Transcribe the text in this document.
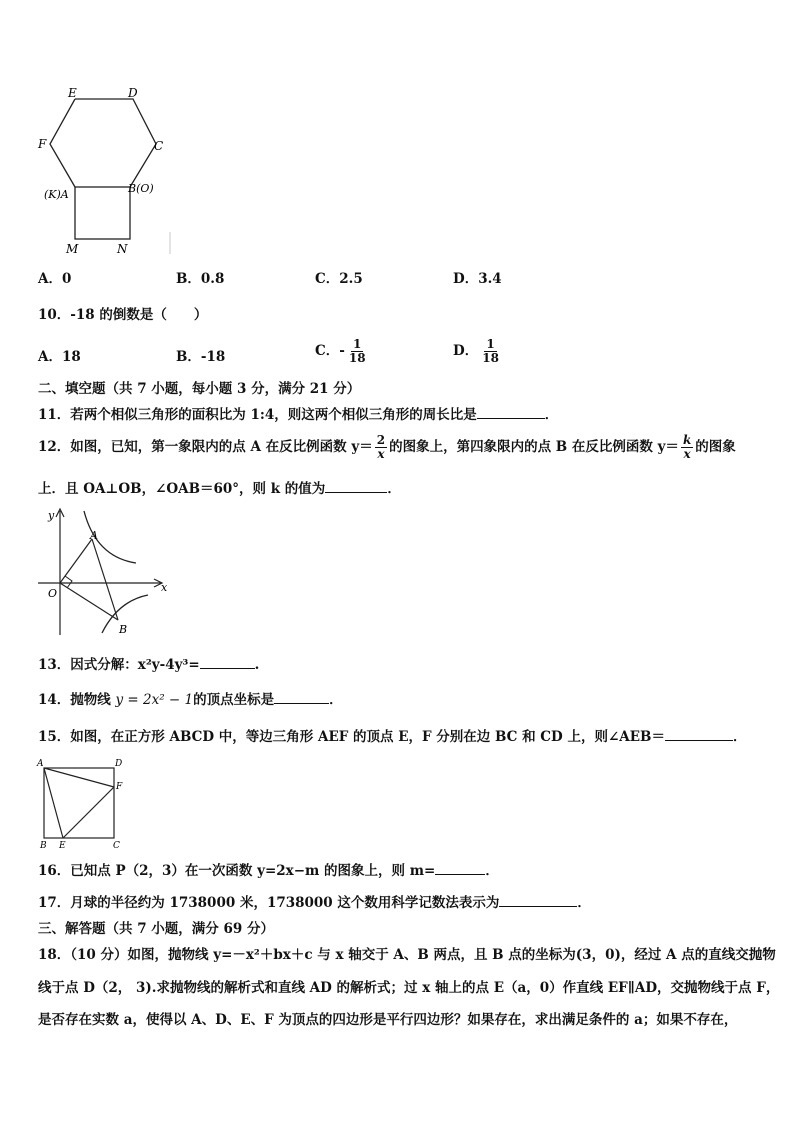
E	D
F	C
(K)A	B(O)
M	N
A．0	B．0.8	C．2.5	D．3.4
10．-18 的倒数是（　　）
A．18	B．-18	C．- $\frac{1}{18}$	D． $\frac{1}{18}$
二、填空题（共 7 小题，每小题 3 分，满分 21 分）
11．若两个相似三角形的面积比为 1:4，则这两个相似三角形的周长比是	．
12．如图，已知，第一象限内的点 A 在反比例函数 $y= \frac{2}{x}$ 的图象上，第四象限内的点 B 在反比例函数 $y= \frac{k}{x}$ 的图象
上．且 OA⊥OB，∠OAB＝60°，则 k 的值为	．
y
x
O
A
B
13．因式分解：x²y-4y³=	.
14．抛物线 y = 2x² − 1的顶点坐标是	．
15．如图，在正方形 ABCD 中，等边三角形 AEF 的顶点 E，F 分别在边 BC 和 CD 上，则∠AEB＝	．
A	D
F
B E	C
16．已知点 P（2，3）在一次函数 y=2x−m 的图象上，则 m=	．
17．月球的半径约为 1738000 米，1738000 这个数用科学记数法表示为	．
三、解答题（共 7 小题，满分 69 分）
18．（10 分）如图，抛物线 y=－x²＋bx＋c 与 x 轴交于 A、B 两点，且 B 点的坐标为(3，0)，经过 A 点的直线交抛物
线于点 D（2， 3).求抛物线的解析式和直线 AD 的解析式；过 x 轴上的点 E（a，0）作直线 EF∥AD，交抛物线于点 F，
是否存在实数 a，使得以 A、D、E、F 为顶点的四边形是平行四边形？如果存在，求出满足条件的 a；如果不存在，
